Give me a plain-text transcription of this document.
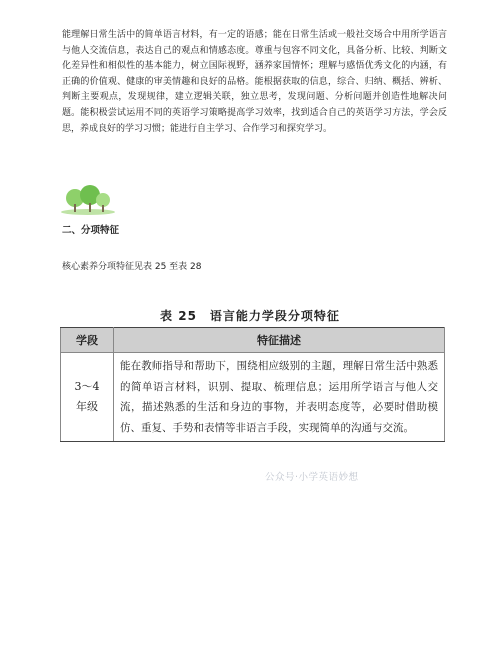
能理解日常生活中的简单语言材料，有一定的语感；能在日常生活或一般社交场合中用所学语言与他人交流信息，表达自己的观点和情感态度。尊重与包容不同文化，具备分析、比较、判断文化差异性和相似性的基本能力，树立国际视野，涵养家国情怀；理解与感悟优秀文化的内涵，有正确的价值观、健康的审美情趣和良好的品格。能根据获取的信息，综合、归纳、概括、辨析、判断主要观点，发现规律，建立逻辑关联，独立思考，发现问题、分析问题并创造性地解决问题。能积极尝试运用不同的英语学习策略提高学习效率，找到适合自己的英语学习方法，学会反思，养成良好的学习习惯；能进行自主学习、合作学习和探究学习。
二、分项特征
核心素养分项特征见表 25 至表 28
表 25　语言能力学段分项特征
学段	特征描述

3～4
年级	能在教师指导和帮助下，围绕相应级别的主题，理解日常生活中熟悉的简单语言材料，识别、提取、梳理信息；运用所学语言与他人交流，描述熟悉的生活和身边的事物，并表明态度等，必要时借助模仿、重复、手势和表情等非语言手段，实现简单的沟通与交流。
公众号·小学英语妙想
